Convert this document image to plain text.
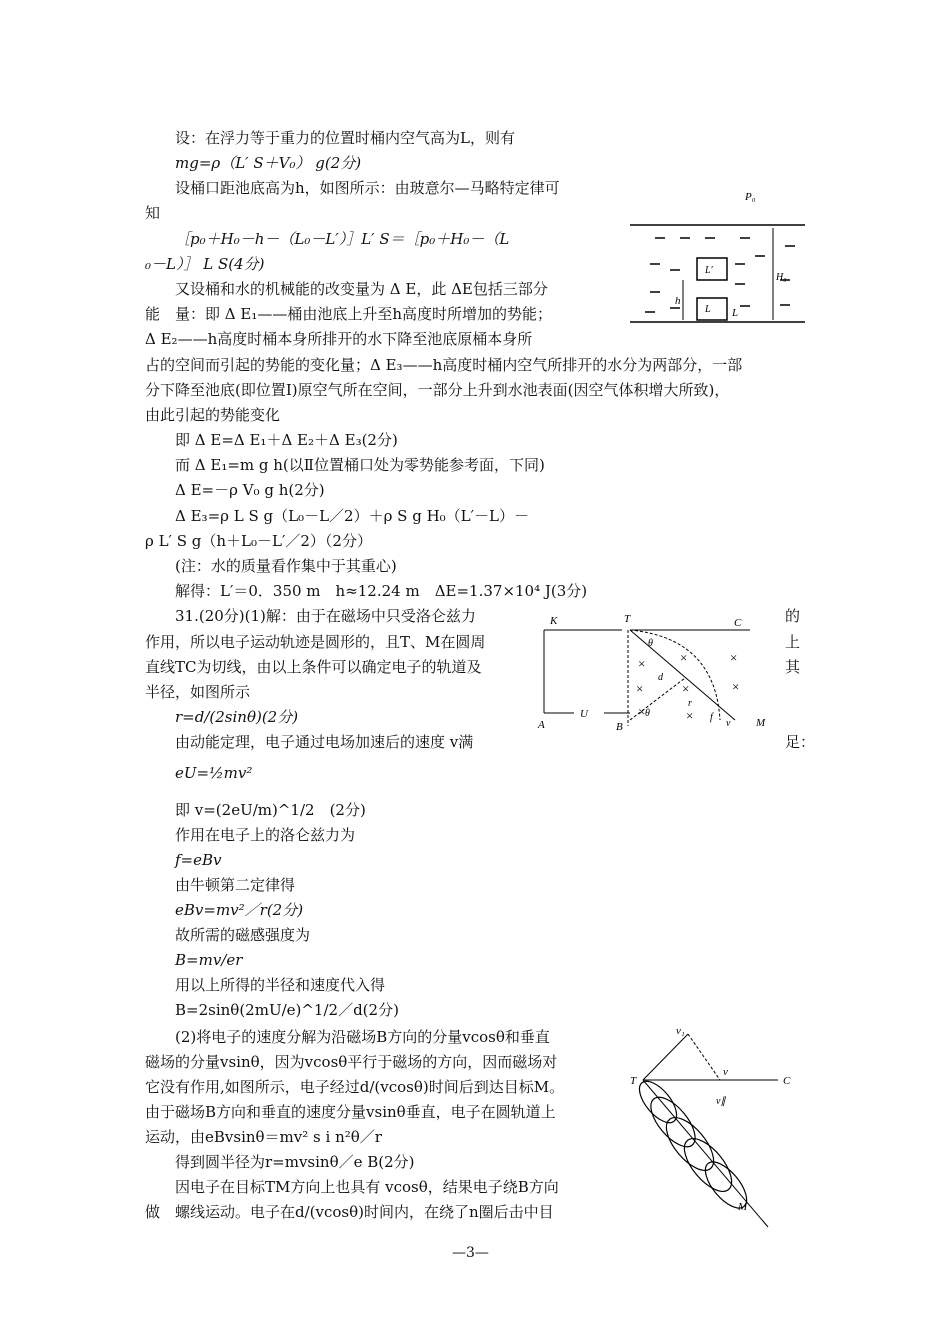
设：在浮力等于重力的位置时桶内空气高为L，则有
mg=ρ（L′ S＋V₀） g(2分)
设桶口距池底高为h，如图所示：由玻意尔—马略特定律可
知
［p₀＋H₀－h－（L₀－L′）］L′ S＝［p₀＋H₀－（L
₀－L）］ L S(4分)
又设桶和水的机械能的改变量为 Δ E，此 ΔE包括三部分
能　量：即 Δ E₁——桶由池底上升至h高度时所增加的势能；
Δ E₂——h高度时桶本身所排开的水下降至池底原桶本身所
占的空间而引起的势能的变化量；Δ E₃——h高度时桶内空气所排开的水分为两部分，一部
分下降至池底(即位置Ⅰ)原空气所在空间，一部分上升到水池表面(因空气体积增大所致)，
由此引起的势能变化
即 Δ E=Δ E₁＋Δ E₂＋Δ E₃(2分)
而 Δ E₁=m g h(以Ⅱ位置桶口处为零势能参考面，下同)
Δ E=－ρ V₀ g h(2分)
Δ E₃=ρ L S g（L₀－L／2）＋ρ S g H₀（L′－L）－
ρ L′ S g（h＋L₀－L′／2）（2分）
(注：水的质量看作集中于其重心)
解得：L′＝0．350 m　h≈12.24 m　ΔE=1.37×10⁴ J(3分)
31.(20分)(1)解：由于在磁场中只受洛仑兹力
作用，所以电子运动轨迹是圆形的，且T、M在圆周
直线TC为切线，由以上条件可以确定电子的轨道及
半径，如图所示
r=d/(2sinθ)(2分)
由动能定理，电子通过电场加速后的速度 v满
eU=½mv²
即 v=(2eU/m)^1/2　(2分)
作用在电子上的洛仑兹力为
f=eBv
由牛顿第二定律得
eBv=mv²／r(2分)
故所需的磁感强度为
B=mv/er
用以上所得的半径和速度代入得
B=2sinθ(2mU/e)^1/2／d(2分)
(2)将电子的速度分解为沿磁场B方向的分量vcosθ和垂直
磁场的分量vsinθ，因为vcosθ平行于磁场的方向，因而磁场对
它没有作用,如图所示，电子经过d/(vcosθ)时间后到达目标M。
由于磁场B方向和垂直的速度分量vsinθ垂直，电子在圆轨道上
运动，由eBvsinθ＝mv² s i n²θ／r
得到圆半径为r=mvsinθ／e B(2分)
因电子在目标TM方向上也具有 vcosθ，结果电子绕B方向
做　螺线运动。电子在d/(vcosθ)时间内，在绕了n圈后击中目
的
上
其
足：
P₀
L′
L
h
H₀
L
K	T	C
U
A	B
d
r
θ
θ	f
v M
×	×	×
×	×	×
×	×
v₁
T	C
v
v∥
M
—3—
